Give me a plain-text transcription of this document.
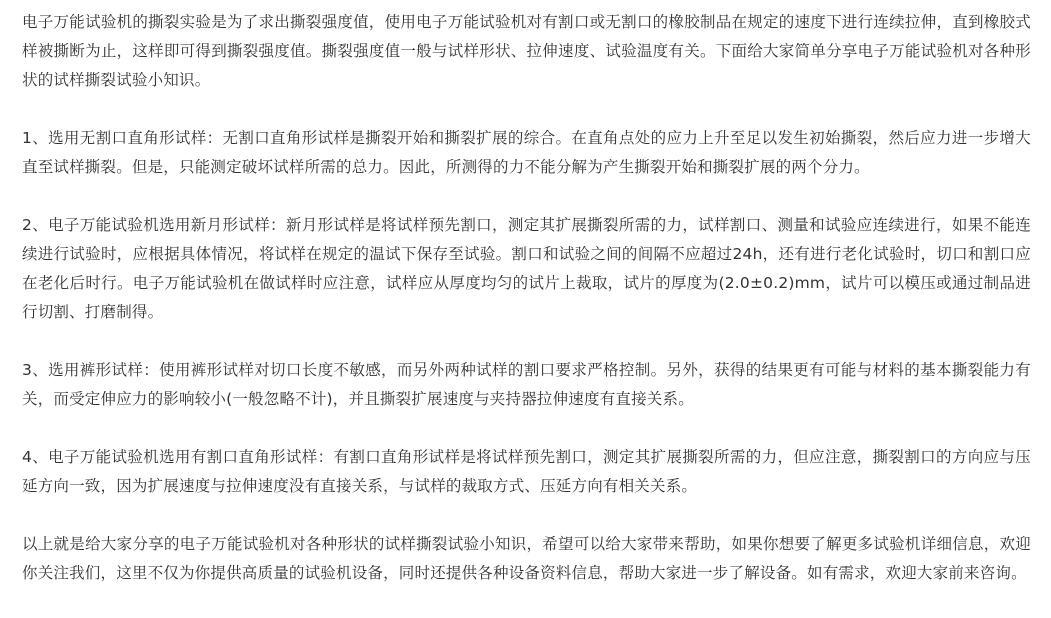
电子万能试验机的撕裂实验是为了求出撕裂强度值，使用电子万能试验机对有割口或无割口的橡胶制品在规定的速度下进行连续拉伸，直到橡胶式样被撕断为止，这样即可得到撕裂强度值。撕裂强度值一般与试样形状、拉伸速度、试验温度有关。下面给大家简单分享电子万能试验机对各种形状的试样撕裂试验小知识。

1、选用无割口直角形试样：无割口直角形试样是撕裂开始和撕裂扩展的综合。在直角点处的应力上升至足以发生初始撕裂，然后应力进一步增大直至试样撕裂。但是，只能测定破坏试样所需的总力。因此，所测得的力不能分解为产生撕裂开始和撕裂扩展的两个分力。

2、电子万能试验机选用新月形试样：新月形试样是将试样预先割口，测定其扩展撕裂所需的力，试样割口、测量和试验应连续进行，如果不能连续进行试验时，应根据具体情况，将试样在规定的温试下保存至试验。割口和试验之间的间隔不应超过24h，还有进行老化试验时，切口和割口应在老化后时行。电子万能试验机在做试样时应注意，试样应从厚度均匀的试片上裁取，试片的厚度为(2.0±0.2)mm，试片可以模压或通过制品进行切割、打磨制得。

3、选用裤形试样：使用裤形试样对切口长度不敏感，而另外两种试样的割口要求严格控制。另外，获得的结果更有可能与材料的基本撕裂能力有关，而受定伸应力的影响较小(一般忽略不计)，并且撕裂扩展速度与夹持器拉伸速度有直接关系。

4、电子万能试验机选用有割口直角形试样：有割口直角形试样是将试样预先割口，测定其扩展撕裂所需的力，但应注意，撕裂割口的方向应与压延方向一致，因为扩展速度与拉伸速度没有直接关系，与试样的裁取方式、压延方向有相关关系。

以上就是给大家分享的电子万能试验机对各种形状的试样撕裂试验小知识，希望可以给大家带来帮助，如果你想要了解更多试验机详细信息，欢迎你关注我们，这里不仅为你提供高质量的试验机设备，同时还提供各种设备资料信息，帮助大家进一步了解设备。如有需求，欢迎大家前来咨询。
